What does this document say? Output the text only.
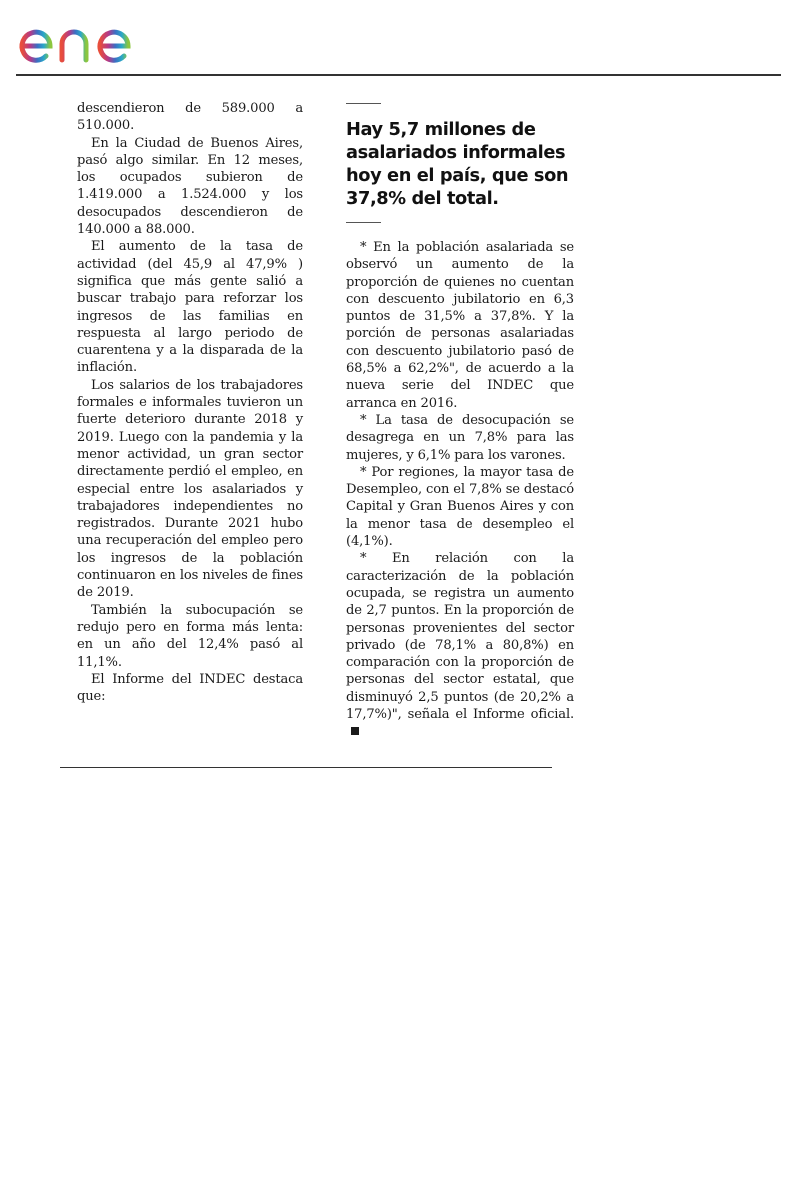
descendieron de 589.000 a 510.000.

En la Ciudad de Buenos Aires, pasó algo similar. En 12 meses, los ocupados subieron de 1.419.000 a 1.524.000 y los desocupados descendieron de 140.000 a 88.000.

El aumento de la tasa de actividad (del 45,9 al 47,9% ) significa que más gente salió a buscar trabajo para reforzar los ingresos de las familias en respuesta al largo periodo de cuarentena y a la disparada de la inflación.

Los salarios de los trabajadores formales e informales tuvieron un fuerte deterioro durante 2018 y 2019. Luego con la pandemia y la menor actividad, un gran sector directamente perdió el empleo, en especial entre los asalariados y trabajadores independientes no registrados. Durante 2021 hubo una recuperación del empleo pero los ingresos de la población continuaron en los niveles de fines de 2019.

También la subocupación se redujo pero en forma más lenta: en un año del 12,4% pasó al 11,1%.

El Informe del INDEC destaca que:

Hay 5,7 millones de asalariados informales hoy en el país, que son 37,8% del total.

* En la población asalariada se observó un aumento de la proporción de quienes no cuentan con descuento jubilatorio en 6,3 puntos de 31,5% a 37,8%. Y la porción de personas asalariadas con descuento jubilatorio pasó de 68,5% a 62,2%", de acuerdo a la nueva serie del INDEC que arranca en 2016.

* La tasa de desocupación se desagrega en un 7,8% para las mujeres, y 6,1% para los varones.

* Por regiones, la mayor tasa de Desempleo, con el 7,8% se destacó Capital y Gran Buenos Aires y con la menor tasa de desempleo el (4,1%).

* En relación con la caracterización de la población ocupada, se registra un aumento de 2,7 puntos. En la proporción de personas provenientes del sector privado (de 78,1% a 80,8%) en comparación con la proporción de personas del sector estatal, que disminuyó 2,5 puntos (de 20,2% a 17,7%)", señala el Informe oficial.
